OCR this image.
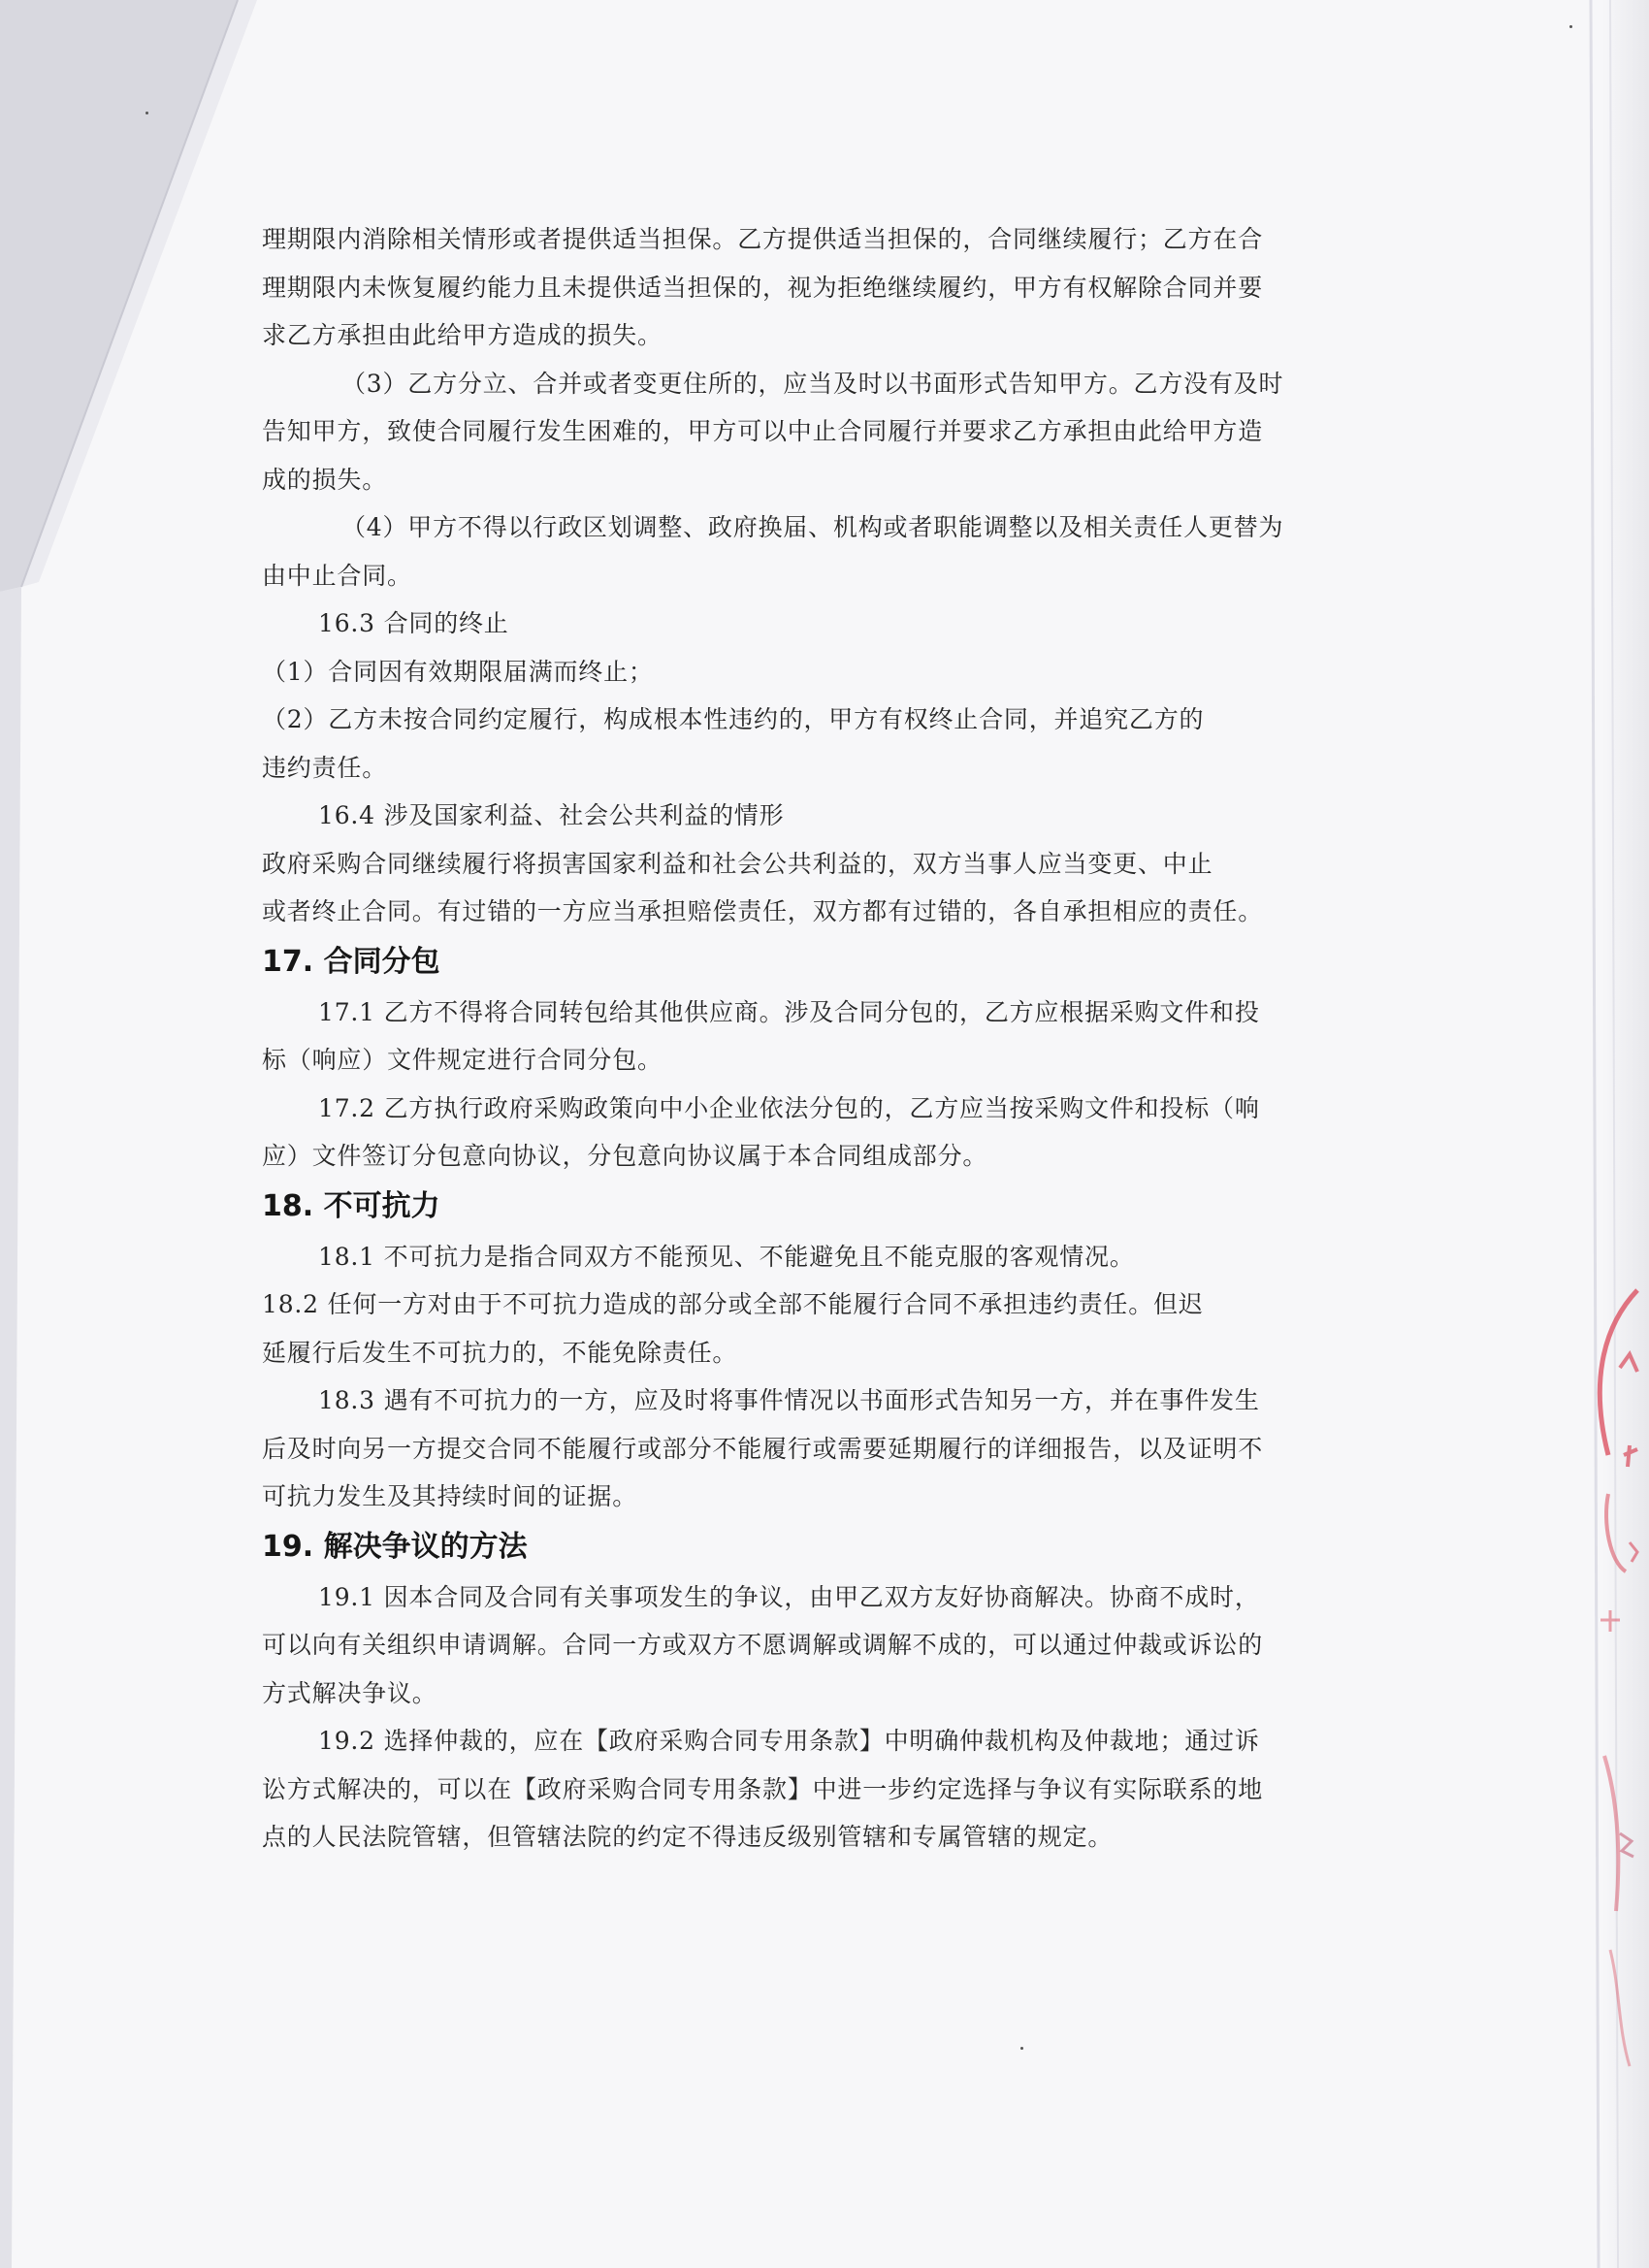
理期限内消除相关情形或者提供适当担保。乙方提供适当担保的，合同继续履行；乙方在合
理期限内未恢复履约能力且未提供适当担保的，视为拒绝继续履约，甲方有权解除合同并要
求乙方承担由此给甲方造成的损失。
（3）乙方分立、合并或者变更住所的，应当及时以书面形式告知甲方。乙方没有及时
告知甲方，致使合同履行发生困难的，甲方可以中止合同履行并要求乙方承担由此给甲方造
成的损失。
（4）甲方不得以行政区划调整、政府换届、机构或者职能调整以及相关责任人更替为
由中止合同。
16.3 合同的终止
（1）合同因有效期限届满而终止；
（2）乙方未按合同约定履行，构成根本性违约的，甲方有权终止合同，并追究乙方的
违约责任。
16.4 涉及国家利益、社会公共利益的情形
政府采购合同继续履行将损害国家利益和社会公共利益的，双方当事人应当变更、中止
或者终止合同。有过错的一方应当承担赔偿责任，双方都有过错的，各自承担相应的责任。
17. 合同分包
17.1 乙方不得将合同转包给其他供应商。涉及合同分包的，乙方应根据采购文件和投
标（响应）文件规定进行合同分包。
17.2 乙方执行政府采购政策向中小企业依法分包的，乙方应当按采购文件和投标（响
应）文件签订分包意向协议，分包意向协议属于本合同组成部分。
18. 不可抗力
18.1 不可抗力是指合同双方不能预见、不能避免且不能克服的客观情况。
18.2 任何一方对由于不可抗力造成的部分或全部不能履行合同不承担违约责任。但迟
延履行后发生不可抗力的，不能免除责任。
18.3 遇有不可抗力的一方，应及时将事件情况以书面形式告知另一方，并在事件发生
后及时向另一方提交合同不能履行或部分不能履行或需要延期履行的详细报告，以及证明不
可抗力发生及其持续时间的证据。
19. 解决争议的方法
19.1 因本合同及合同有关事项发生的争议，由甲乙双方友好协商解决。协商不成时，
可以向有关组织申请调解。合同一方或双方不愿调解或调解不成的，可以通过仲裁或诉讼的
方式解决争议。
19.2 选择仲裁的，应在【政府采购合同专用条款】中明确仲裁机构及仲裁地；通过诉
讼方式解决的，可以在【政府采购合同专用条款】中进一步约定选择与争议有实际联系的地
点的人民法院管辖，但管辖法院的约定不得违反级别管辖和专属管辖的规定。
